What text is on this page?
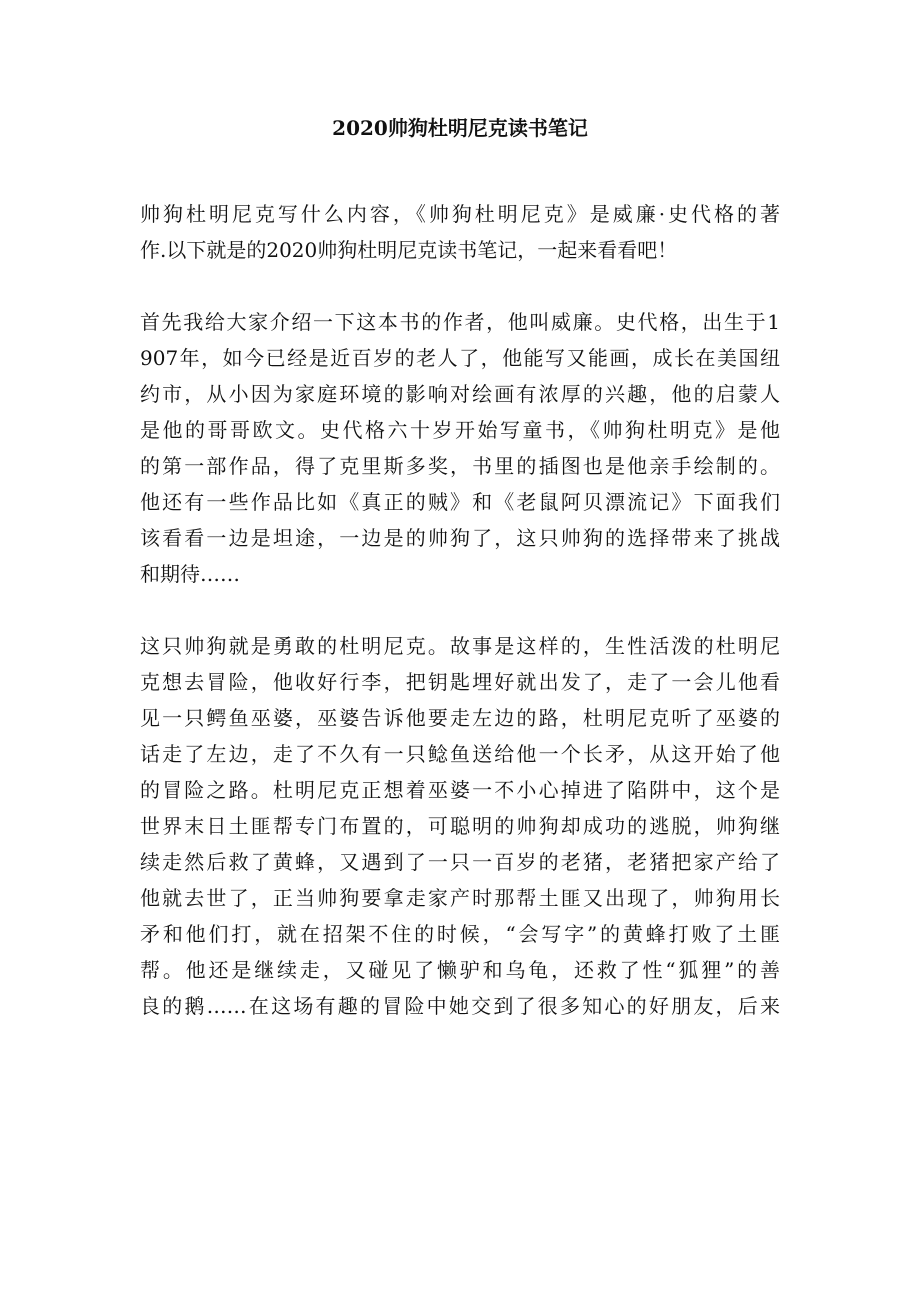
2020帅狗杜明尼克读书笔记
帅狗杜明尼克写什么内容，《帅狗杜明尼克》是威廉·史代格的著
作.以下就是的2020帅狗杜明尼克读书笔记，一起来看看吧！
首先我给大家介绍一下这本书的作者，他叫威廉。史代格，出生于1
907年，如今已经是近百岁的老人了，他能写又能画，成长在美国纽
约市，从小因为家庭环境的影响对绘画有浓厚的兴趣，他的启蒙人
是他的哥哥欧文。史代格六十岁开始写童书，《帅狗杜明克》是他
的第一部作品，得了克里斯多奖，书里的插图也是他亲手绘制的。
他还有一些作品比如《真正的贼》和《老鼠阿贝漂流记》下面我们
该看看一边是坦途，一边是的帅狗了，这只帅狗的选择带来了挑战
和期待……
这只帅狗就是勇敢的杜明尼克。故事是这样的，生性活泼的杜明尼
克想去冒险，他收好行李，把钥匙埋好就出发了，走了一会儿他看
见一只鳄鱼巫婆，巫婆告诉他要走左边的路，杜明尼克听了巫婆的
话走了左边，走了不久有一只鲶鱼送给他一个长矛，从这开始了他
的冒险之路。杜明尼克正想着巫婆一不小心掉进了陷阱中，这个是
世界末日土匪帮专门布置的，可聪明的帅狗却成功的逃脱，帅狗继
续走然后救了黄蜂，又遇到了一只一百岁的老猪，老猪把家产给了
他就去世了，正当帅狗要拿走家产时那帮土匪又出现了，帅狗用长
矛和他们打，就在招架不住的时候，“会写字”的黄蜂打败了土匪
帮。他还是继续走，又碰见了懒驴和乌龟，还救了性“狐狸”的善
良的鹅……在这场有趣的冒险中她交到了很多知心的好朋友，后来
